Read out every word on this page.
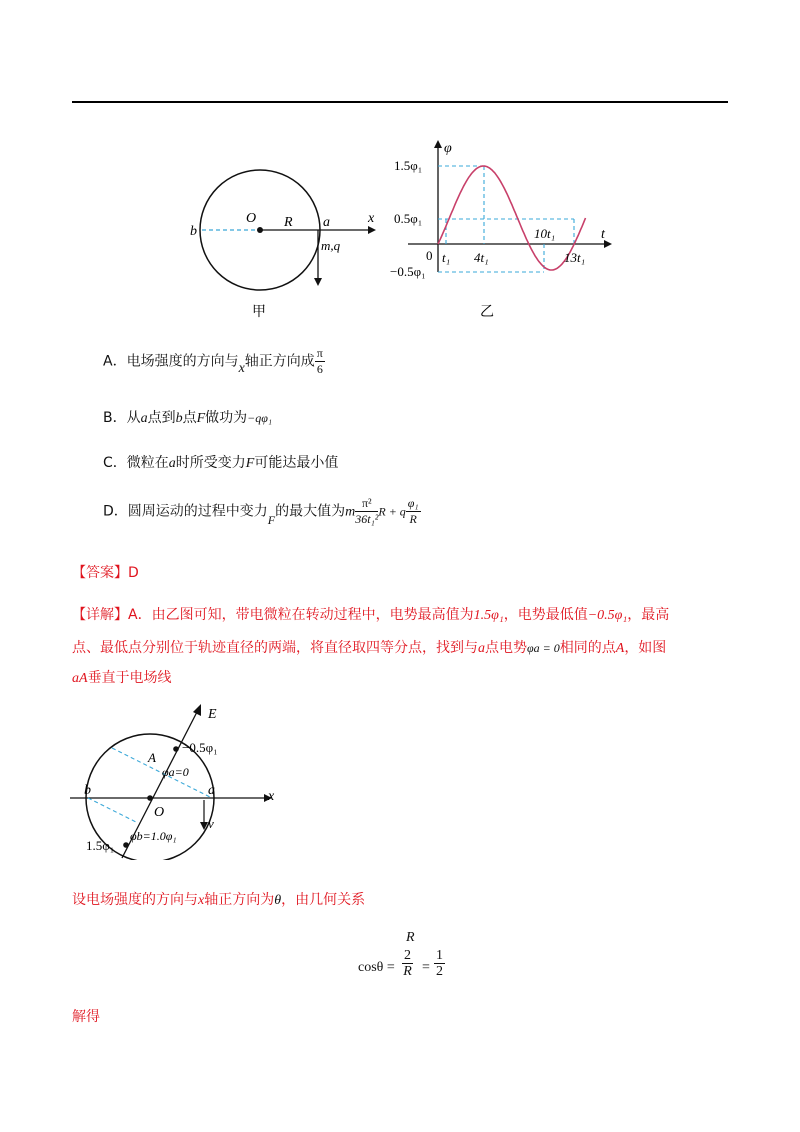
b
O R a	x
m,q
甲
φ
t
1.5φ₁
0.5φ₁
−0.5φ₁
0 t₁ 4t₁
10t₁
13t₁
乙
A．电场强度的方向与x轴正方向成 $\frac{\pi}{6}$
B．从a点到b点F做功为−qφ₁
C．微粒在a时所受变力F可能达最小值
D．圆周运动的过程中变力F的最大值为m $\frac{\text{π²}}{\text{36t₁²}}$ R + q $\frac{\text{φ₁}}{R}$
【答案】D
【详解】A．由乙图可知，带电微粒在转动过程中，电势最高值为1.5φ₁，电势最低值−0.5φ₁，最高
点、最低点分别位于轨迹直径的两端，将直径取四等分点，找到与a点电势φa = 0相同的点A，如图
aA垂直于电场线
E
−0.5φ₁
A
φa=0
b
O
a	x
v
φb=1.0φ₁
1.5φ₁
设电场强度的方向与x轴正方向为θ，由几何关系
R
$\cos\theta = \frac{2}{R} = \frac{1}{2}$
解得
